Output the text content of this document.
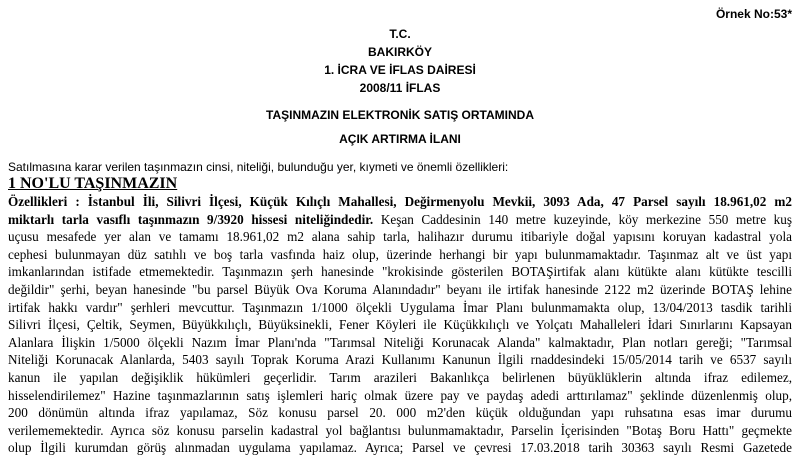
Örnek No:53*
T.C.
BAKIRKÖY
1. İCRA VE İFLAS DAİRESİ
2008/11 İFLAS
TAŞINMAZIN ELEKTRONİK SATIŞ ORTAMINDA
AÇIK ARTIRMA İLANI
Satılmasına karar verilen taşınmazın cinsi, niteliği, bulunduğu yer, kıymeti ve önemli özellikleri:
1 NO'LU TAŞINMAZIN
Özellikleri : İstanbul İli, Silivri İlçesi, Küçük Kılıçlı Mahallesi, Değirmenyolu Mevkii, 3093 Ada, 47 Parsel sayılı 18.961,02 m2
miktarlı tarla vasıflı taşınmazın 9/3920 hissesi niteliğindedir. Keşan Caddesinin 140 metre kuzeyinde, köy merkezine 550 metre kuş
uçusu mesafede yer alan ve tamamı 18.961,02 m2 alana sahip tarla, halihazır durumu itibariyle doğal yapısını koruyan kadastral yola
cephesi bulunmayan düz satıhlı ve boş tarla vasfında haiz olup, üzerinde herhangi bir yapı bulunmamaktadır. Taşınmaz alt ve üst yapı
imkanlarından istifade etmemektedir. Taşınmazın şerh hanesinde "krokisinde gösterilen BOTAŞirtifak alanı kütükte alanı kütükte tescilli
değildir" şerhi, beyan hanesinde "bu parsel Büyük Ova Koruma Alanındadır" beyanı ile irtifak hanesinde 2122 m2 üzerinde BOTAŞ lehine
irtifak hakkı vardır" şerhleri mevcuttur. Taşınmazın 1/1000 ölçekli Uygulama İmar Planı bulunmamakta olup, 13/04/2013 tasdik tarihli
Silivri İlçesi, Çeltik, Seymen, Büyükkılıçlı, Büyüksinekli, Fener Köyleri ile Küçükkılıçlı ve Yolçatı Mahalleleri İdari Sınırlarını Kapsayan
Alanlara İlişkin 1/5000 ölçekli Nazım İmar Planı'nda "Tarımsal Niteliği Korunacak Alanda" kalmaktadır, Plan notları gereği; "Tarımsal
Niteliği Korunacak Alanlarda, 5403 sayılı Toprak Koruma Arazi Kullanımı Kanunun İlgili rnaddesindeki 15/05/2014 tarih ve 6537 sayılı
kanun ile yapılan değişiklik hükümleri geçerlidir. Tarım arazileri Bakanlıkça belirlenen büyüklüklerin altında ifraz edilemez,
hisselendirilemez" Hazine taşınmazlarının satış işlemleri hariç olmak üzere pay ve paydaş adedi arttırılamaz" şeklinde düzenlenmiş olup,
200 dönümün altında ifraz yapılamaz, Söz konusu parsel 20. 000 m2'den küçük olduğundan yapı ruhsatına esas imar durumu
verilememektedir. Ayrıca söz konusu parselin kadastral yol bağlantısı bulunmamaktadır, Parselin İçerisinden "Botaş Boru Hattı" geçmekte
olup İlgili kurumdan görüş alınmadan uygulama yapılamaz. Ayrıca; Parsel ve çevresi 17.03.2018 tarih 30363 sayılı Resmi Gazetede
